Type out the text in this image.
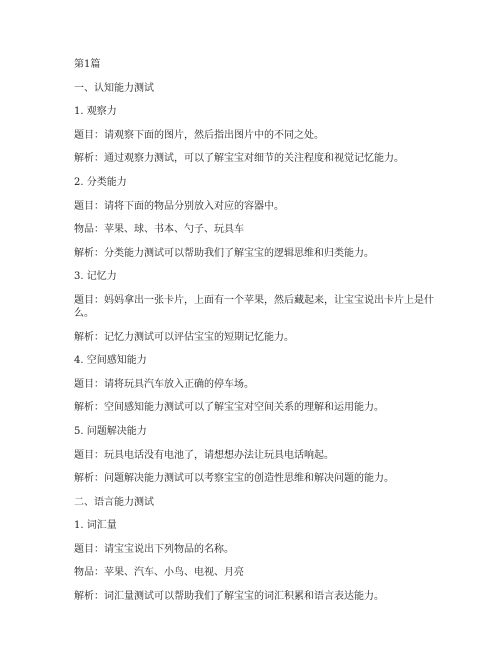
第1篇

一、认知能力测试

1. 观察力

题目：请观察下面的图片，然后指出图片中的不同之处。

解析：通过观察力测试，可以了解宝宝对细节的关注程度和视觉记忆能力。

2. 分类能力

题目：请将下面的物品分别放入对应的容器中。

物品：苹果、球、书本、勺子、玩具车

解析：分类能力测试可以帮助我们了解宝宝的逻辑思维和归类能力。

3. 记忆力

题目：妈妈拿出一张卡片，上面有一个苹果，然后藏起来，让宝宝说出卡片上是什么。

解析：记忆力测试可以评估宝宝的短期记忆能力。

4. 空间感知能力

题目：请将玩具汽车放入正确的停车场。

解析：空间感知能力测试可以了解宝宝对空间关系的理解和运用能力。

5. 问题解决能力

题目：玩具电话没有电池了，请想想办法让玩具电话响起。

解析：问题解决能力测试可以考察宝宝的创造性思维和解决问题的能力。

二、语言能力测试

1. 词汇量

题目：请宝宝说出下列物品的名称。

物品：苹果、汽车、小鸟、电视、月亮

解析：词汇量测试可以帮助我们了解宝宝的词汇积累和语言表达能力。
